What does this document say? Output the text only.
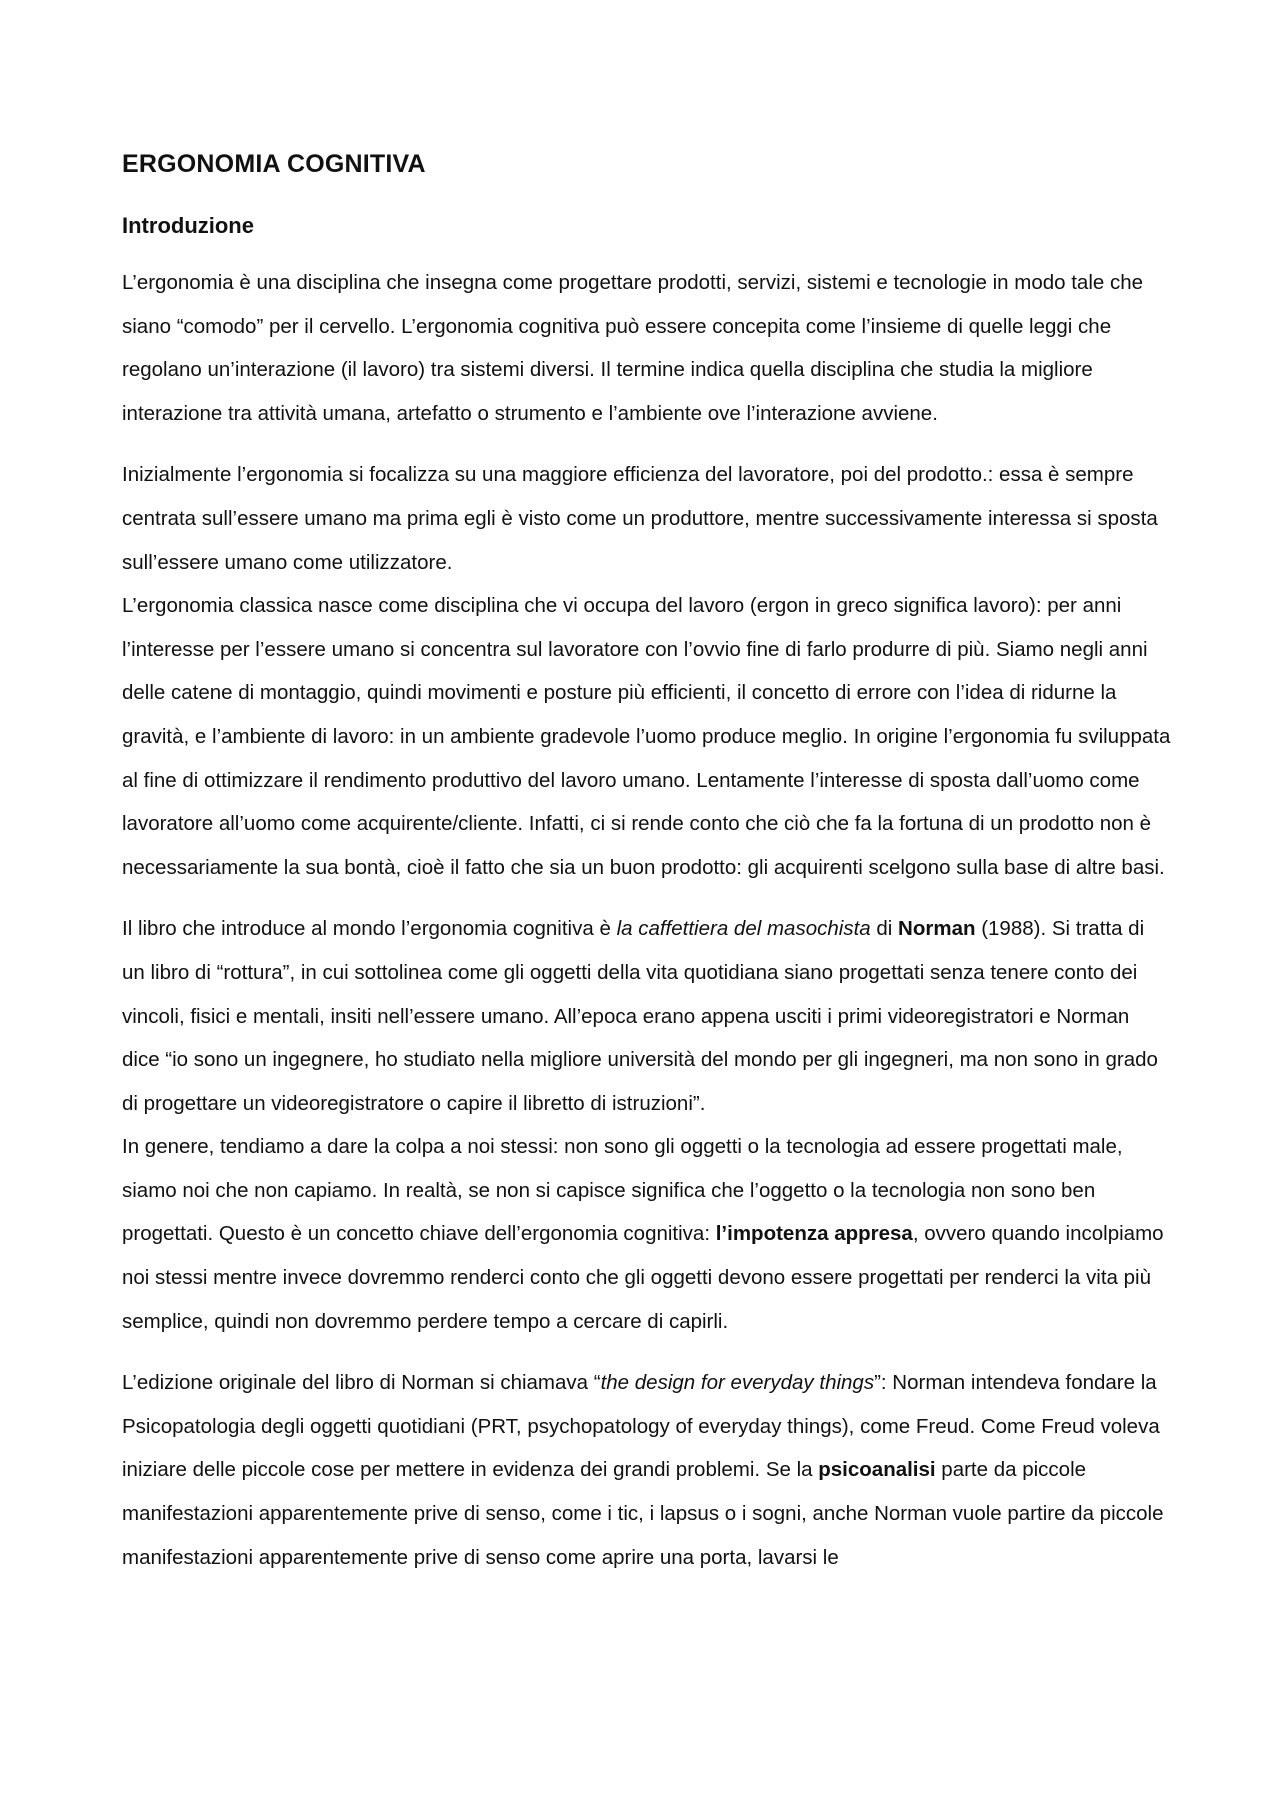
ERGONOMIA COGNITIVA
Introduzione

L’ergonomia è una disciplina che insegna come progettare prodotti, servizi, sistemi e tecnologie in modo tale che siano “comodo” per il cervello. L’ergonomia cognitiva può essere concepita come l’insieme di quelle leggi che regolano un’interazione (il lavoro) tra sistemi diversi. Il termine indica quella disciplina che studia la migliore interazione tra attività umana, artefatto o strumento e l’ambiente ove l’interazione avviene.

Inizialmente l’ergonomia si focalizza su una maggiore efficienza del lavoratore, poi del prodotto.: essa è sempre centrata sull’essere umano ma prima egli è visto come un produttore, mentre successivamente interessa si sposta sull’essere umano come utilizzatore.

L’ergonomia classica nasce come disciplina che vi occupa del lavoro (ergon in greco significa lavoro): per anni l’interesse per l’essere umano si concentra sul lavoratore con l’ovvio fine di farlo produrre di più. Siamo negli anni delle catene di montaggio, quindi movimenti e posture più efficienti, il concetto di errore con l’idea di ridurne la gravità, e l’ambiente di lavoro: in un ambiente gradevole l’uomo produce meglio. In origine l’ergonomia fu sviluppata al fine di ottimizzare il rendimento produttivo del lavoro umano. Lentamente l’interesse di sposta dall’uomo come lavoratore all’uomo come acquirente/cliente. Infatti, ci si rende conto che ciò che fa la fortuna di un prodotto non è necessariamente la sua bontà, cioè il fatto che sia un buon prodotto: gli acquirenti scelgono sulla base di altre basi.

Il libro che introduce al mondo l’ergonomia cognitiva è la caffettiera del masochista di Norman (1988). Si tratta di un libro di “rottura”, in cui sottolinea come gli oggetti della vita quotidiana siano progettati senza tenere conto dei vincoli, fisici e mentali, insiti nell’essere umano. All’epoca erano appena usciti i primi videoregistratori e Norman dice “io sono un ingegnere, ho studiato nella migliore università del mondo per gli ingegneri, ma non sono in grado di progettare un videoregistratore o capire il libretto di istruzioni”.

In genere, tendiamo a dare la colpa a noi stessi: non sono gli oggetti o la tecnologia ad essere progettati male, siamo noi che non capiamo. In realtà, se non si capisce significa che l’oggetto o la tecnologia non sono ben progettati. Questo è un concetto chiave dell’ergonomia cognitiva: l’impotenza appresa, ovvero quando incolpiamo noi stessi mentre invece dovremmo renderci conto che gli oggetti devono essere progettati per renderci la vita più semplice, quindi non dovremmo perdere tempo a cercare di capirli.

L’edizione originale del libro di Norman si chiamava “the design for everyday things”: Norman intendeva fondare la Psicopatologia degli oggetti quotidiani (PRT, psychopatology of everyday things), come Freud. Come Freud voleva iniziare delle piccole cose per mettere in evidenza dei grandi problemi. Se la psicoanalisi parte da piccole manifestazioni apparentemente prive di senso, come i tic, i lapsus o i sogni, anche Norman vuole partire da piccole manifestazioni apparentemente prive di senso come aprire una porta, lavarsi le
